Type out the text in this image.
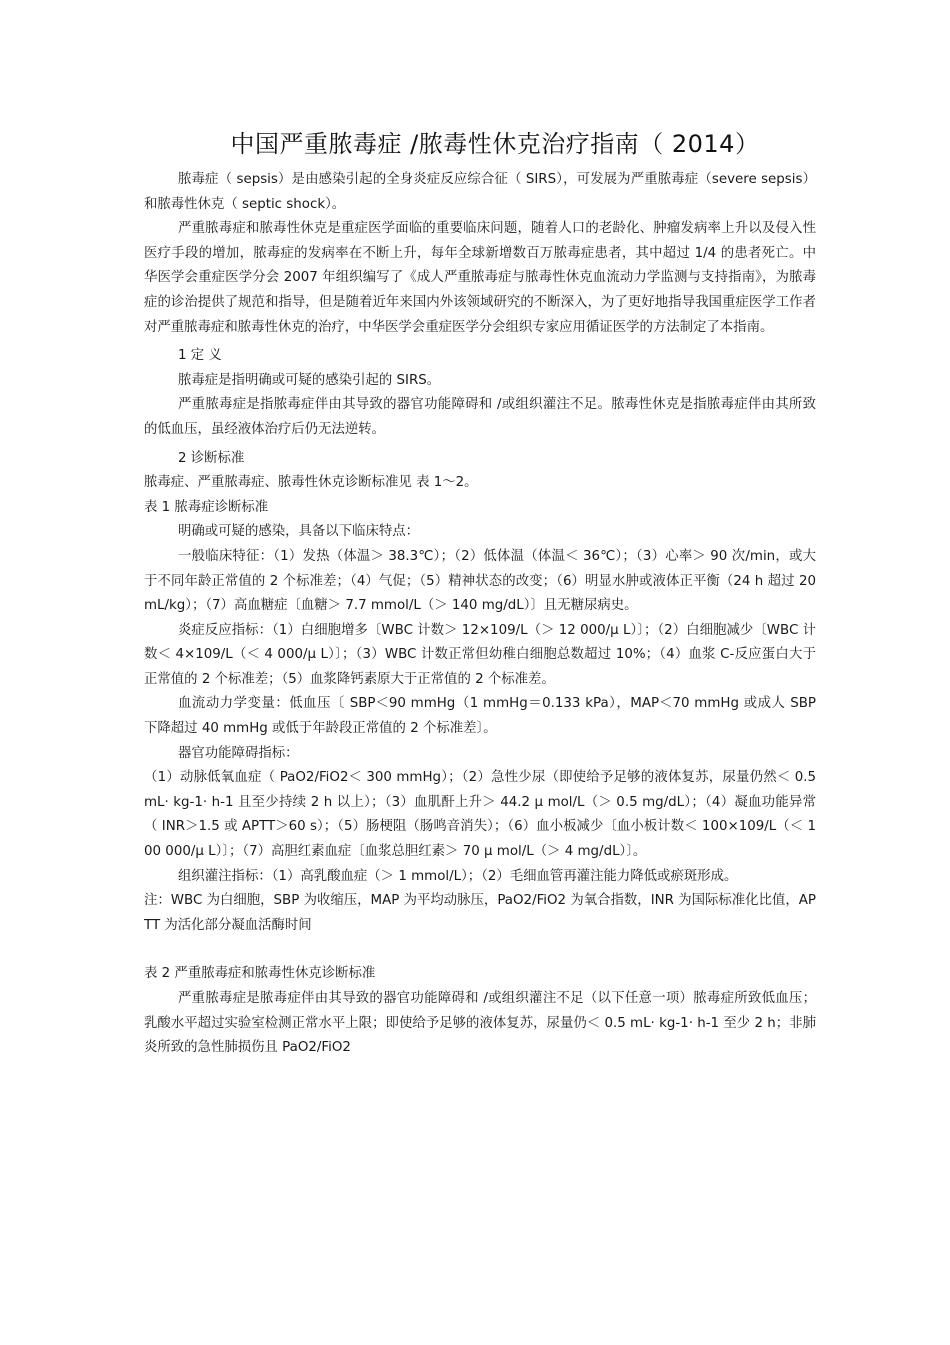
中国严重脓毒症 /脓毒性休克治疗指南（ 2014）

脓毒症（ sepsis）是由感染引起的全身炎症反应综合征（ SIRS），可发展为严重脓毒症（severe sepsis）和脓毒性休克（ septic shock）。

严重脓毒症和脓毒性休克是重症医学面临的重要临床问题，随着人口的老龄化、肿瘤发病率上升以及侵入性医疗手段的增加，脓毒症的发病率在不断上升，每年全球新增数百万脓毒症患者，其中超过 1/4 的患者死亡。中华医学会重症医学分会 2007 年组织编写了《成人严重脓毒症与脓毒性休克血流动力学监测与支持指南》，为脓毒症的诊治提供了规范和指导，但是随着近年来国内外该领域研究的不断深入，为了更好地指导我国重症医学工作者对严重脓毒症和脓毒性休克的治疗，中华医学会重症医学分会组织专家应用循证医学的方法制定了本指南。

1 定 义

脓毒症是指明确或可疑的感染引起的 SIRS。

严重脓毒症是指脓毒症伴由其导致的器官功能障碍和 /或组织灌注不足。脓毒性休克是指脓毒症伴由其所致的低血压，虽经液体治疗后仍无法逆转。

2 诊断标准

脓毒症、严重脓毒症、脓毒性休克诊断标准见 表 1～2。

表 1 脓毒症诊断标准

明确或可疑的感染，具备以下临床特点：

一般临床特征：（1）发热（体温＞ 38.3℃）；（2）低体温（体温＜ 36℃）；（3）心率＞ 90 次/min，或大于不同年龄正常值的 2 个标准差；（4）气促；（5）精神状态的改变；（6）明显水肿或液体正平衡（24 h 超过 20 mL/kg）；（7）高血糖症〔血糖＞ 7.7 mmol/L（＞ 140 mg/dL）〕且无糖尿病史。

炎症反应指标：（1）白细胞增多〔WBC 计数＞ 12×109/L（＞ 12 000/μ L）〕；（2）白细胞减少〔WBC 计数＜ 4×109/L（＜ 4 000/μ L）〕；（3）WBC 计数正常但幼稚白细胞总数超过 10%；（4）血浆 C-反应蛋白大于正常值的 2 个标准差；（5）血浆降钙素原大于正常值的 2 个标准差。

血流动力学变量：低血压〔 SBP＜90 mmHg（1 mmHg＝0.133 kPa），MAP＜70 mmHg 或成人 SBP 下降超过 40 mmHg 或低于年龄段正常值的 2 个标准差〕。

器官功能障碍指标：

（1）动脉低氧血症（ PaO2/FiO2＜ 300 mmHg）；（2）急性少尿（即使给予足够的液体复苏，尿量仍然＜ 0.5 mL· kg-1· h-1 且至少持续 2 h 以上）；（3）血肌酐上升＞ 44.2 μ mol/L（＞ 0.5 mg/dL）；（4）凝血功能异常（ INR＞1.5 或 APTT＞60 s）；（5）肠梗阻（肠鸣音消失）；（6）血小板减少〔血小板计数＜ 100×109/L（＜ 100 000/μ L）〕；（7）高胆红素血症〔血浆总胆红素＞ 70 μ mol/L（＞ 4 mg/dL）〕。

组织灌注指标：（1）高乳酸血症（＞ 1 mmol/L）；（2）毛细血管再灌注能力降低或瘀斑形成。

注：WBC 为白细胞，SBP 为收缩压，MAP 为平均动脉压，PaO2/FiO2 为氧合指数，INR 为国际标准化比值，APTT 为活化部分凝血活酶时间

表 2 严重脓毒症和脓毒性休克诊断标准

严重脓毒症是脓毒症伴由其导致的器官功能障碍和 /或组织灌注不足（以下任意一项）脓毒症所致低血压；乳酸水平超过实验室检测正常水平上限；即使给予足够的液体复苏，尿量仍＜ 0.5 mL· kg-1· h-1 至少 2 h；非肺炎所致的急性肺损伤且 PaO2/FiO2
